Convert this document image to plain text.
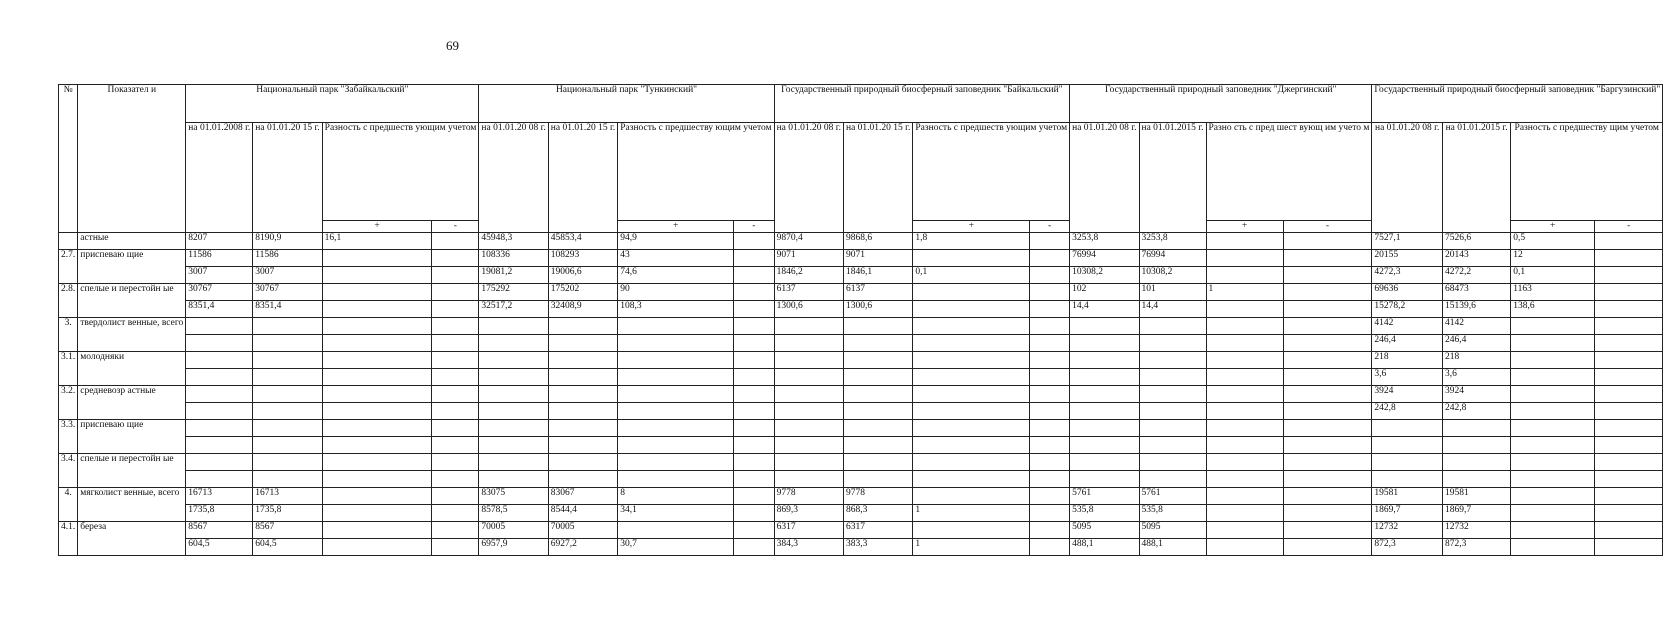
69
№	Показател и	Национальный парк "Забайкальский"				Национальный парк "Тункинский"				Государственный природный биосферный заповедник "Байкальский"				Государственный природный заповедник "Джергинский"				Государственный природный биосферный заповедник "Баргузинский"			
		на 01.01.2008 г.	на 01.01.20 15 г.	Разность с предшеств ующим учетом		на 01.01.20 08 г.	на 01.01.20 15 г.	Разность с предшеству ющим учетом		на 01.01.20 08 г.	на 01.01.20 15 г.	Разность с предшеств ующим учетом		на 01.01.20 08 г.	на 01.01.2015 г.	Разно сть с пред шест вующ им учето м		на 01.01.20 08 г.	на 01.01.2015 г.	Разность с предшеству щим учетом	
				+	-			+	-			+	-			+	-			+	-
	астные	8207	8190,9	16,1		45948,3	45853,4	94,9		9870,4	9868,6	1,8		3253,8	3253,8			7527,1	7526,6	0,5	
2.7.	приспеваю щие	11586	11586			108336	108293	43		9071	9071			76994	76994			20155	20143	12	
		3007	3007			19081,2	19006,6	74,6		1846,2	1846,1	0,1		10308,2	10308,2			4272,3	4272,2	0,1	
2.8.	спелые и перестойн ые	30767	30767			175292	175202	90		6137	6137			102	101	1		69636	68473	1163	
		8351,4	8351,4			32517,2	32408,9	108,3		1300,6	1300,6			14,4	14,4			15278,2	15139,6	138,6	
3.	твердолист венные, всего																	4142	4142		
																		246,4	246,4		
3.1.	молодняки																	218	218		
																		3,6	3,6		
3.2.	средневозр астные																	3924	3924		
																		242,8	242,8		
3.3.	приспеваю щие																				

3.4.	спелые и перестойн ые																				

4.	мягколист венные, всего	16713	16713			83075	83067	8		9778	9778			5761	5761			19581	19581		
		1735,8	1735,8			8578,5	8544,4	34,1		869,3	868,3	1		535,8	535,8			1869,7	1869,7		
4.1.	береза	8567	8567			70005	70005			6317	6317			5095	5095			12732	12732		
		604,5	604,5			6957,9	6927,2	30,7		384,3	383,3	1		488,1	488,1			872,3	872,3		
